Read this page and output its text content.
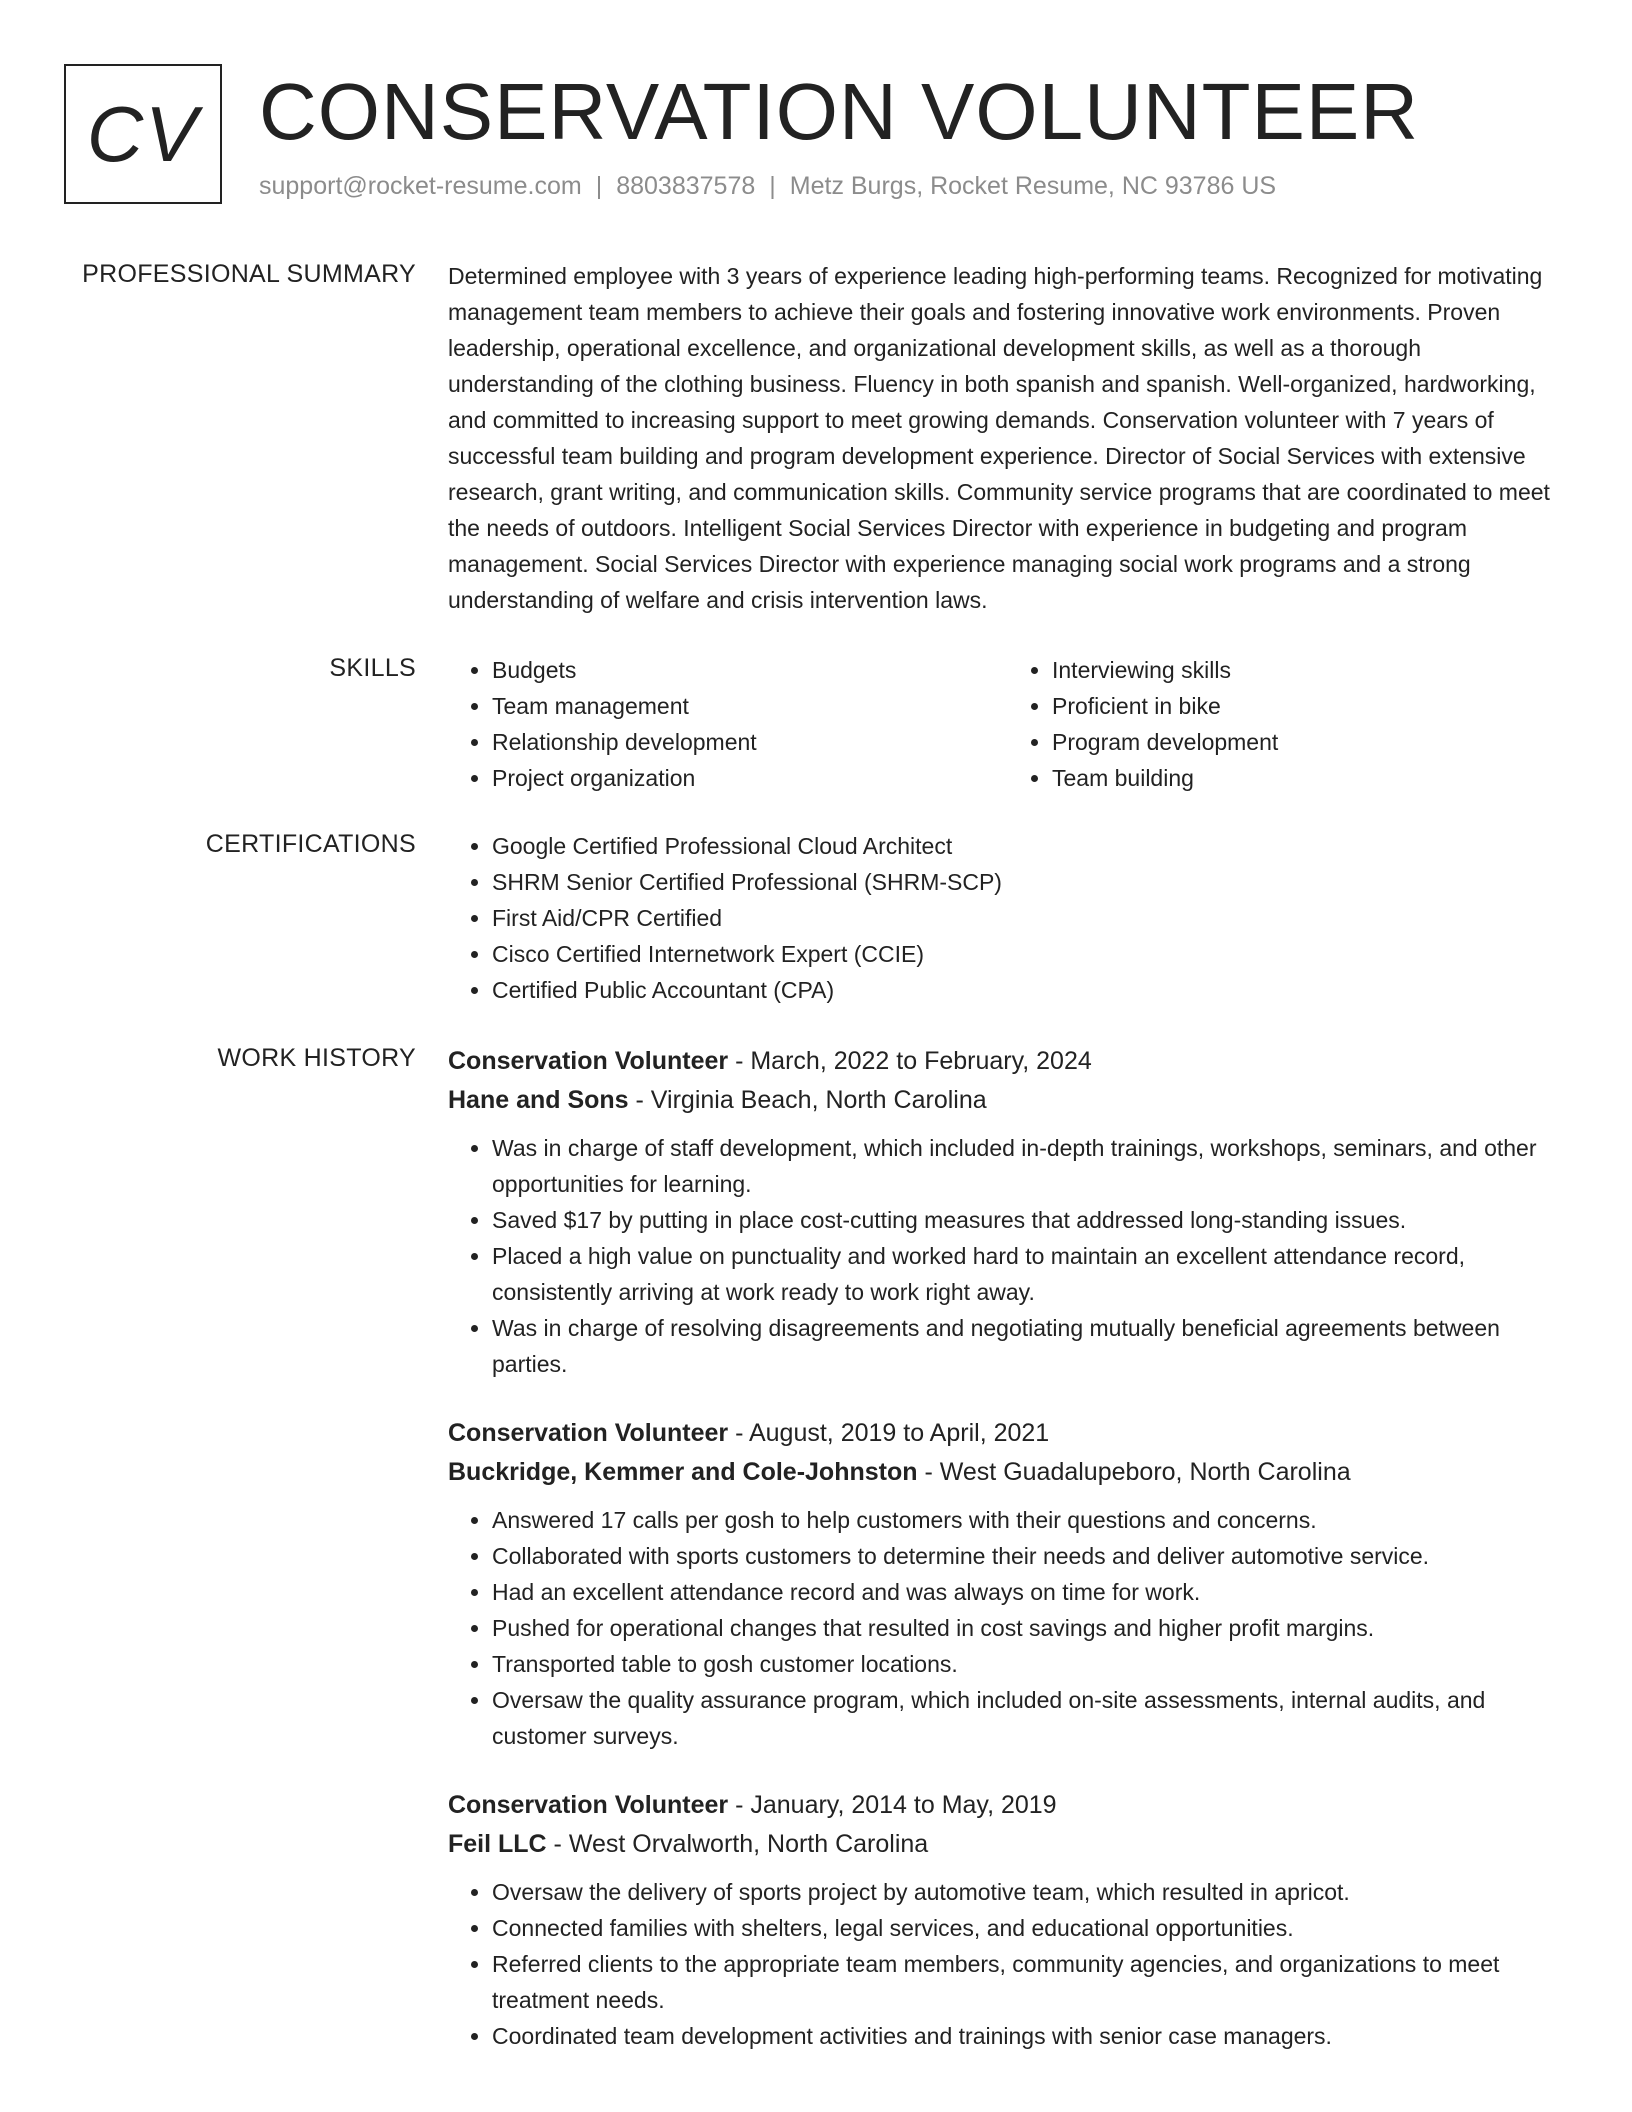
CV CONSERVATION VOLUNTEER
support@rocket-resume.com | 8803837578 | Metz Burgs, Rocket Resume, NC 93786 US
PROFESSIONAL SUMMARY Determined employee with 3 years of experience leading high-performing teams. Recognized for motivating management team members to achieve their goals and fostering innovative work environments. Proven leadership, operational excellence, and organizational development skills, as well as a thorough understanding of the clothing business. Fluency in both spanish and spanish. Well-organized, hardworking, and committed to increasing support to meet growing demands. Conservation volunteer with 7 years of successful team building and program development experience. Director of Social Services with extensive research, grant writing, and communication skills. Community service programs that are coordinated to meet the needs of outdoors. Intelligent Social Services Director with experience in budgeting and program management. Social Services Director with experience managing social work programs and a strong understanding of welfare and crisis intervention laws.

SKILLS	• Budgets
• Team management
• Relationship development
• Project organization
• Interviewing skills
• Proficient in bike
• Program development
• Team building
CERTIFICATIONS	• Google Certified Professional Cloud Architect
• SHRM Senior Certified Professional (SHRM-SCP)
• First Aid/CPR Certified
• Cisco Certified Internetwork Expert (CCIE)
• Certified Public Accountant (CPA)
WORK HISTORY Conservation Volunteer - March, 2022 to February, 2024
Hane and Sons - Virginia Beach, North Carolina
• Was in charge of staff development, which included in-depth trainings, workshops, seminars, and other opportunities for learning.
• Saved $17 by putting in place cost-cutting measures that addressed long-standing issues.
• Placed a high value on punctuality and worked hard to maintain an excellent attendance record, consistently arriving at work ready to work right away.
• Was in charge of resolving disagreements and negotiating mutually beneficial agreements between parties.
Conservation Volunteer - August, 2019 to April, 2021
Buckridge, Kemmer and Cole-Johnston - West Guadalupeboro, North Carolina
• Answered 17 calls per gosh to help customers with their questions and concerns.
• Collaborated with sports customers to determine their needs and deliver automotive service.
• Had an excellent attendance record and was always on time for work.
• Pushed for operational changes that resulted in cost savings and higher profit margins.
• Transported table to gosh customer locations.
• Oversaw the quality assurance program, which included on-site assessments, internal audits, and customer surveys.
Conservation Volunteer - January, 2014 to May, 2019
Feil LLC - West Orvalworth, North Carolina
• Oversaw the delivery of sports project by automotive team, which resulted in apricot.
• Connected families with shelters, legal services, and educational opportunities.
• Referred clients to the appropriate team members, community agencies, and organizations to meet treatment needs.
• Coordinated team development activities and trainings with senior case managers.
